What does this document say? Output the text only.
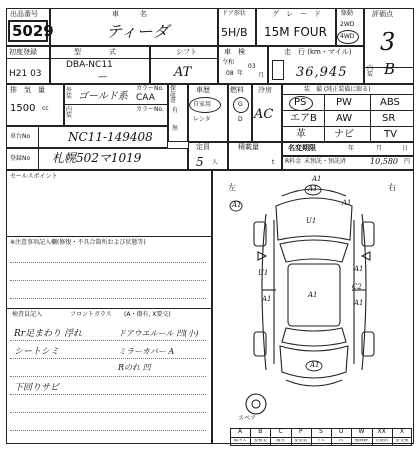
出品番号
5029
車　　　名
ティーダ
ドア形状
5H/B
グ　レ　ー　ド
15M FOUR
駆動
2WD
4WD
評価点
3
初度登録
H21 03
型　　　　式
DBA-NC11
—
シフト
AT
車　検
令和
08 年
03
月
走　行 (km・マイル)
36,945	内装 B
排　気　量
1500 cc
外装 ゴールド系
内装
カラーNo.
CAA
カラーNo.
保証書
有
無
車歴
自家用
レンタ
燃料
G
D
冷房
AC
装　備 (純正装備に限る)
PS	PW	ABS
エアB AW	SR
革	ナビ	TV
車台No	NC11-149408
定員
5 人
積載量
t
名変期限	年	月	日
登録No 札幌502マ1019	R料金 未預託・預託済	10,580 円
セールスポイント
※注意事項記入欄(修復・不具合箇所および状態等)
検査員記入	フロントガラス (A・傷有, X要交)
Rr足まわり 浮れ
シートシミ
下回りサビ
ドアウエルール 凹(小)
ミラーカバー A
Rのれ 凹
左	右
A1
A1
A1	A1
U1
U1	A1
A1	A1
C2
A1
A1
スペア
A
傷キズ
B
要板金
C
腐食
P
要塗装
S
サビ
U
凹
W
補修跡
XX
交換済
X
要交換
